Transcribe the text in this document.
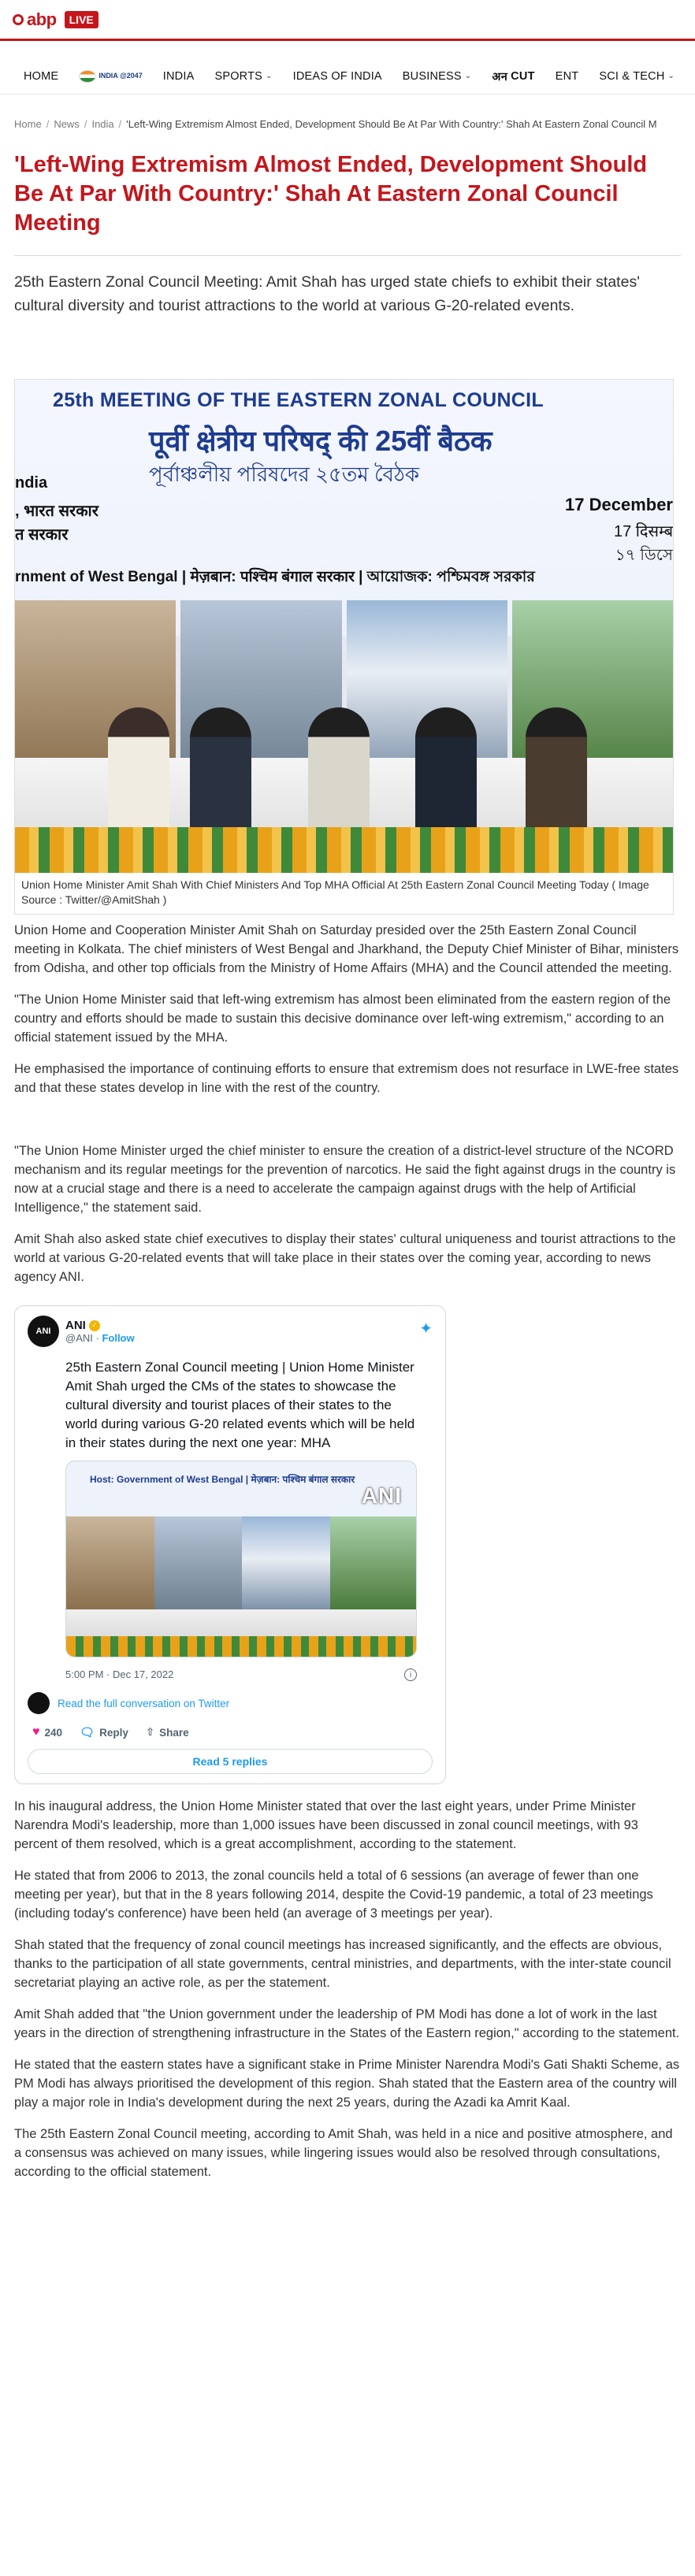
abp	LIVE
HOME	INDIA @2047 INDIA SPORTS ⌄ IDEAS OF INDIA BUSINESS ⌄ अन CUT ENT SCI & TECH ⌄
Home / News / India / 'Left-Wing Extremism Almost Ended, Development Should Be At Par With Country:' Shah At Eastern Zonal Council M
'Left-Wing Extremism Almost Ended, Development Should Be At Par With Country:' Shah At Eastern Zonal Council Meeting

25th Eastern Zonal Council Meeting: Amit Shah has urged state chiefs to exhibit their states' cultural diversity and tourist attractions to the world at various G-20-related events.

25th MEETING OF THE EASTERN ZONAL COUNCIL
पूर्वी क्षेत्रीय परिषद् की 25वीं बैठक
পূর্বাঞ্চলীয় পরিষদের ২৫তম বৈঠক
ndia
, भारत सरकार
त सरकार
17 December
17 दिसम्ब
১৭ ডিসে
rnment of West Bengal | मेज़बान: पश्चिम बंगाल सरकार | আয়োজক: পশ্চিমবঙ্গ সরকার
Union Home Minister Amit Shah With Chief Ministers And Top MHA Official At 25th Eastern Zonal Council Meeting Today ( Image Source : Twitter/@AmitShah )

Union Home and Cooperation Minister Amit Shah on Saturday presided over the 25th Eastern Zonal Council meeting in Kolkata. The chief ministers of West Bengal and Jharkhand, the Deputy Chief Minister of Bihar, ministers from Odisha, and other top officials from the Ministry of Home Affairs (MHA) and the Council attended the meeting.

"The Union Home Minister said that left-wing extremism has almost been eliminated from the eastern region of the country and efforts should be made to sustain this decisive dominance over left-wing extremism," according to an official statement issued by the MHA.

He emphasised the importance of continuing efforts to ensure that extremism does not resurface in LWE-free states and that these states develop in line with the rest of the country.

"The Union Home Minister urged the chief minister to ensure the creation of a district-level structure of the NCORD mechanism and its regular meetings for the prevention of narcotics. He said the fight against drugs in the country is now at a crucial stage and there is a need to accelerate the campaign against drugs with the help of Artificial Intelligence," the statement said.

Amit Shah also asked state chief executives to display their states' cultural uniqueness and tourist attractions to the world at various G-20-related events that will take place in their states over the coming year, according to news agency ANI.

ANI	ANI ✓
@ANI · Follow
✦

25th Eastern Zonal Council meeting | Union Home Minister Amit Shah urged the CMs of the states to showcase the cultural diversity and tourist places of their states to the world during various G-20 related events which will be held in their states during the next one year: MHA

Host: Government of West Bengal | मेज़बान: पश्चिम बंगाल सरकार
ANI
5:00 PM · Dec 17, 2022	i
Read the full conversation on Twitter
♥ 240 🗨 Reply ⇧ Share
Read 5 replies

In his inaugural address, the Union Home Minister stated that over the last eight years, under Prime Minister Narendra Modi's leadership, more than 1,000 issues have been discussed in zonal council meetings, with 93 percent of them resolved, which is a great accomplishment, according to the statement.

He stated that from 2006 to 2013, the zonal councils held a total of 6 sessions (an average of fewer than one meeting per year), but that in the 8 years following 2014, despite the Covid-19 pandemic, a total of 23 meetings (including today's conference) have been held (an average of 3 meetings per year).

Shah stated that the frequency of zonal council meetings has increased significantly, and the effects are obvious, thanks to the participation of all state governments, central ministries, and departments, with the inter-state council secretariat playing an active role, as per the statement.

Amit Shah added that "the Union government under the leadership of PM Modi has done a lot of work in the last years in the direction of strengthening infrastructure in the States of the Eastern region," according to the statement.

He stated that the eastern states have a significant stake in Prime Minister Narendra Modi's Gati Shakti Scheme, as PM Modi has always prioritised the development of this region. Shah stated that the Eastern area of the country will play a major role in India's development during the next 25 years, during the Azadi ka Amrit Kaal.

The 25th Eastern Zonal Council meeting, according to Amit Shah, was held in a nice and positive atmosphere, and a consensus was achieved on many issues, while lingering issues would also be resolved through consultations, according to the official statement.
